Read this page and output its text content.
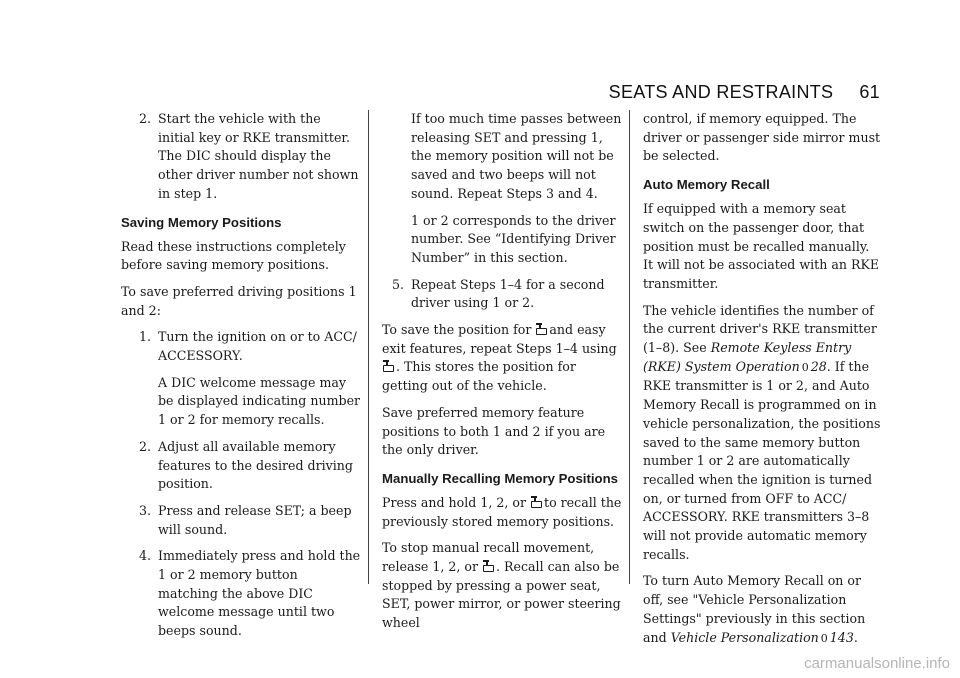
SEATS AND RESTRAINTS 61
2. Start the vehicle with the initial key or RKE transmitter. The DIC should display the other driver number not shown in step 1.
Saving Memory Positions

Read these instructions completely before saving memory positions.

To save preferred driving positions 1 and 2:

1. Turn the ignition on or to ACC/ ACCESSORY.

A DIC welcome message may be displayed indicating number 1 or 2 for memory recalls.

2. Adjust all available memory features to the desired driving position.
3. Press and release SET; a beep will sound.
4. Immediately press and hold the 1 or 2 memory button matching the above DIC welcome message until two beeps sound.

If too much time passes between releasing SET and pressing 1, the memory position will not be saved and two beeps will not sound. Repeat Steps 3 and 4.

1 or 2 corresponds to the driver number. See “Identifying Driver Number” in this section.

5. Repeat Steps 1–4 for a second driver using 1 or 2.

To save the position for and easy exit features, repeat Steps 1–4 using
. This stores the position for getting out of the vehicle.

Save preferred memory feature positions to both 1 and 2 if you are the only driver.

Manually Recalling Memory Positions

Press and hold 1, 2, or to recall the previously stored memory positions.

To stop manual recall movement, release 1, 2, or . Recall can also be stopped by pressing a power seat, SET, power mirror, or power steering wheel

control, if memory equipped. The driver or passenger side mirror must be selected.

Auto Memory Recall

If equipped with a memory seat switch on the passenger door, that position must be recalled manually. It will not be associated with an RKE transmitter.

The vehicle identifies the number of the current driver's RKE transmitter (1–8). See Remote Keyless Entry (RKE) System Operation 0 28. If the RKE transmitter is 1 or 2, and Auto Memory Recall is programmed on in vehicle personalization, the positions saved to the same memory button number 1 or 2 are automatically recalled when the ignition is turned on, or turned from OFF to ACC/ ACCESSORY. RKE transmitters 3–8 will not provide automatic memory recalls.

To turn Auto Memory Recall on or off, see "Vehicle Personalization Settings" previously in this section and Vehicle Personalization 0 143.

carmanualsonline.info
